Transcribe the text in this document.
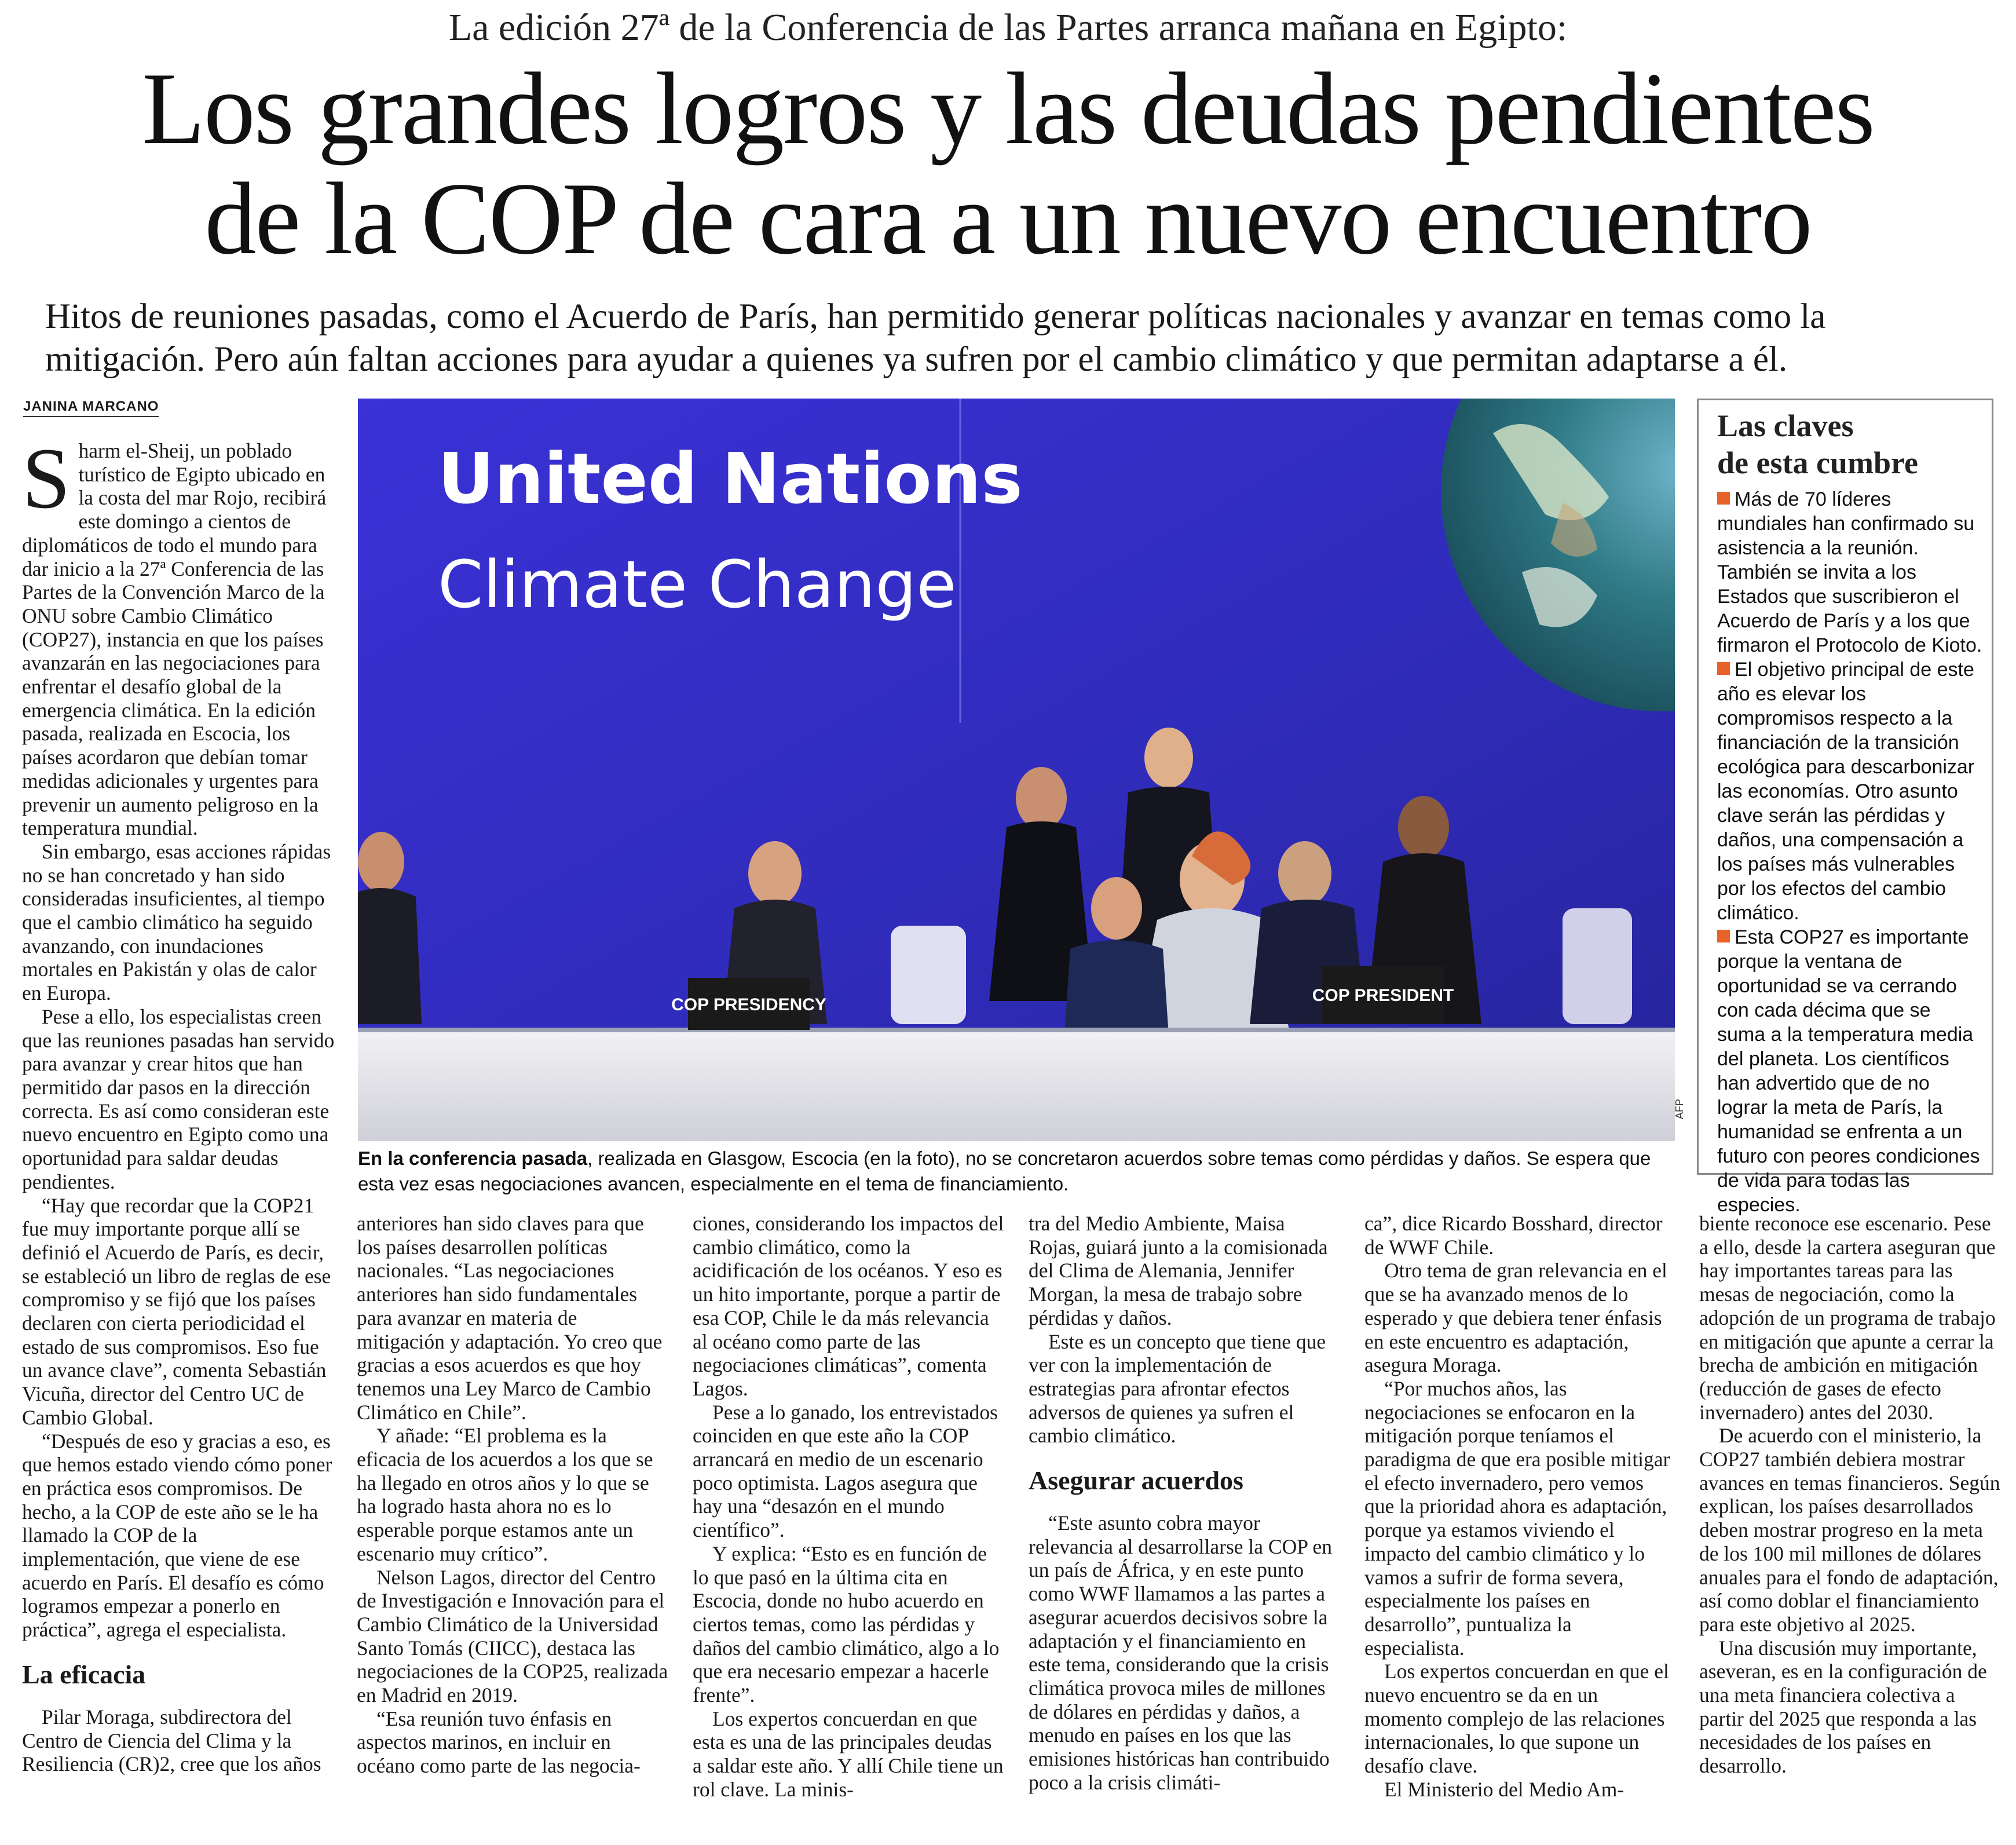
La edición 27ª de la Conferencia de las Partes arranca mañana en Egipto:
Los grandes logros y las deudas pendientes
de la COP de cara a un nuevo encuentro
Hitos de reuniones pasadas, como el Acuerdo de París, han permitido generar políticas nacionales y avanzar en temas como la mitigación. Pero aún faltan acciones para ayudar a quienes ya sufren por el cambio climático y que permitan adaptarse a él.
JANINA MARCANO

Sharm el-Sheij, un poblado turístico de Egipto ubicado en la costa del mar Rojo, recibirá este domingo a cientos de diplomáticos de todo el mundo para dar inicio a la 27ª Conferencia de las Partes de la Convención Marco de la ONU sobre Cambio Climático (COP27), instancia en que los países avanzarán en las negociaciones para enfrentar el desafío global de la emergencia climática. En la edición pasada, realizada en Escocia, los países acordaron que debían tomar medidas adicionales y urgentes para prevenir un aumento peligroso en la temperatura mundial.

Sin embargo, esas acciones rápidas no se han concretado y han sido consideradas insuficientes, al tiempo que el cambio climático ha seguido avanzando, con inundaciones mortales en Pakistán y olas de calor en Europa.

Pese a ello, los especialistas creen que las reuniones pasadas han servido para avanzar y crear hitos que han permitido dar pasos en la dirección correcta. Es así como consideran este nuevo encuentro en Egipto como una oportunidad para saldar deudas pendientes.

“Hay que recordar que la COP21 fue muy importante porque allí se definió el Acuerdo de París, es decir, se estableció un libro de reglas de ese compromiso y se fijó que los países declaren con cierta periodicidad el estado de sus compromisos. Eso fue un avance clave”, comenta Sebastián Vicuña, director del Centro UC de Cambio Global.

“Después de eso y gracias a eso, es que hemos estado viendo cómo poner en práctica esos compromisos. De hecho, a la COP de este año se le ha llamado la COP de la implementación, que viene de ese acuerdo en París. El desafío es cómo logramos empezar a ponerlo en práctica”, agrega el especialista.

La eficacia

Pilar Moraga, subdirectora del Centro de Ciencia del Clima y la Resiliencia (CR)2, cree que los años

United Nations
Climate Change
COP PRESIDENCY	COP PRESIDENT
AFP
En la conferencia pasada, realizada en Glasgow, Escocia (en la foto), no se concretaron acuerdos sobre temas como pérdidas y daños. Se espera que esta vez esas negociaciones avancen, especialmente en el tema de financiamiento.
Las claves
de esta cumbre

Más de 70 líderes mundiales han confirmado su asistencia a la reunión. También se invita a los Estados que suscribieron el Acuerdo de París y a los que firmaron el Protocolo de Kioto.

El objetivo principal de este año es elevar los compromisos respecto a la financiación de la transición ecológica para descarbonizar las economías. Otro asunto clave serán las pérdidas y daños, una compensación a los países más vulnerables por los efectos del cambio climático.

Esta COP27 es importante porque la ventana de oportunidad se va cerrando con cada décima que se suma a la temperatura media del planeta. Los científicos han advertido que de no lograr la meta de París, la humanidad se enfrenta a un futuro con peores condiciones de vida para todas las especies.

anteriores han sido claves para que los países desarrollen políticas nacionales. “Las negociaciones anteriores han sido fundamentales para avanzar en materia de mitigación y adaptación. Yo creo que gracias a esos acuerdos es que hoy tenemos una Ley Marco de Cambio Climático en Chile”.

Y añade: “El problema es la eficacia de los acuerdos a los que se ha llegado en otros años y lo que se ha logrado hasta ahora no es lo esperable porque estamos ante un escenario muy crítico”.

Nelson Lagos, director del Centro de Investigación e Innovación para el Cambio Climático de la Universidad Santo Tomás (CIICC), destaca las negociaciones de la COP25, realizada en Madrid en 2019.

“Esa reunión tuvo énfasis en aspectos marinos, en incluir en océano como parte de las negocia-

ciones, considerando los impactos del cambio climático, como la acidificación de los océanos. Y eso es un hito importante, porque a partir de esa COP, Chile le da más relevancia al océano como parte de las negociaciones climáticas”, comenta Lagos.

Pese a lo ganado, los entrevistados coinciden en que este año la COP arrancará en medio de un escenario poco optimista. Lagos asegura que hay una “desazón en el mundo científico”.

Y explica: “Esto es en función de lo que pasó en la última cita en Escocia, donde no hubo acuerdo en ciertos temas, como las pérdidas y daños del cambio climático, algo a lo que era necesario empezar a hacerle frente”.

Los expertos concuerdan en que esta es una de las principales deudas a saldar este año. Y allí Chile tiene un rol clave. La minis-

tra del Medio Ambiente, Maisa Rojas, guiará junto a la comisionada del Clima de Alemania, Jennifer Morgan, la mesa de trabajo sobre pérdidas y daños.

Este es un concepto que tiene que ver con la implementación de estrategias para afrontar efectos adversos de quienes ya sufren el cambio climático.

Asegurar acuerdos

“Este asunto cobra mayor relevancia al desarrollarse la COP en un país de África, y en este punto como WWF llamamos a las partes a asegurar acuerdos decisivos sobre la adaptación y el financiamiento en este tema, considerando que la crisis climática provoca miles de millones de dólares en pérdidas y daños, a menudo en países en los que las emisiones históricas han contribuido poco a la crisis climáti-

ca”, dice Ricardo Bosshard, director de WWF Chile.

Otro tema de gran relevancia en el que se ha avanzado menos de lo esperado y que debiera tener énfasis en este encuentro es adaptación, asegura Moraga.

“Por muchos años, las negociaciones se enfocaron en la mitigación porque teníamos el paradigma de que era posible mitigar el efecto invernadero, pero vemos que la prioridad ahora es adaptación, porque ya estamos viviendo el impacto del cambio climático y lo vamos a sufrir de forma severa, especialmente los países en desarrollo”, puntualiza la especialista.

Los expertos concuerdan en que el nuevo encuentro se da en un momento complejo de las relaciones internacionales, lo que supone un desafío clave.

El Ministerio del Medio Am-

biente reconoce ese escenario. Pese a ello, desde la cartera aseguran que hay importantes tareas para las mesas de negociación, como la adopción de un programa de trabajo en mitigación que apunte a cerrar la brecha de ambición en mitigación (reducción de gases de efecto invernadero) antes del 2030.

De acuerdo con el ministerio, la COP27 también debiera mostrar avances en temas financieros. Según explican, los países desarrollados deben mostrar progreso en la meta de los 100 mil millones de dólares anuales para el fondo de adaptación, así como doblar el financiamiento para este objetivo al 2025.

Una discusión muy importante, aseveran, es en la configuración de una meta financiera colectiva a partir del 2025 que responda a las necesidades de los países en desarrollo.
